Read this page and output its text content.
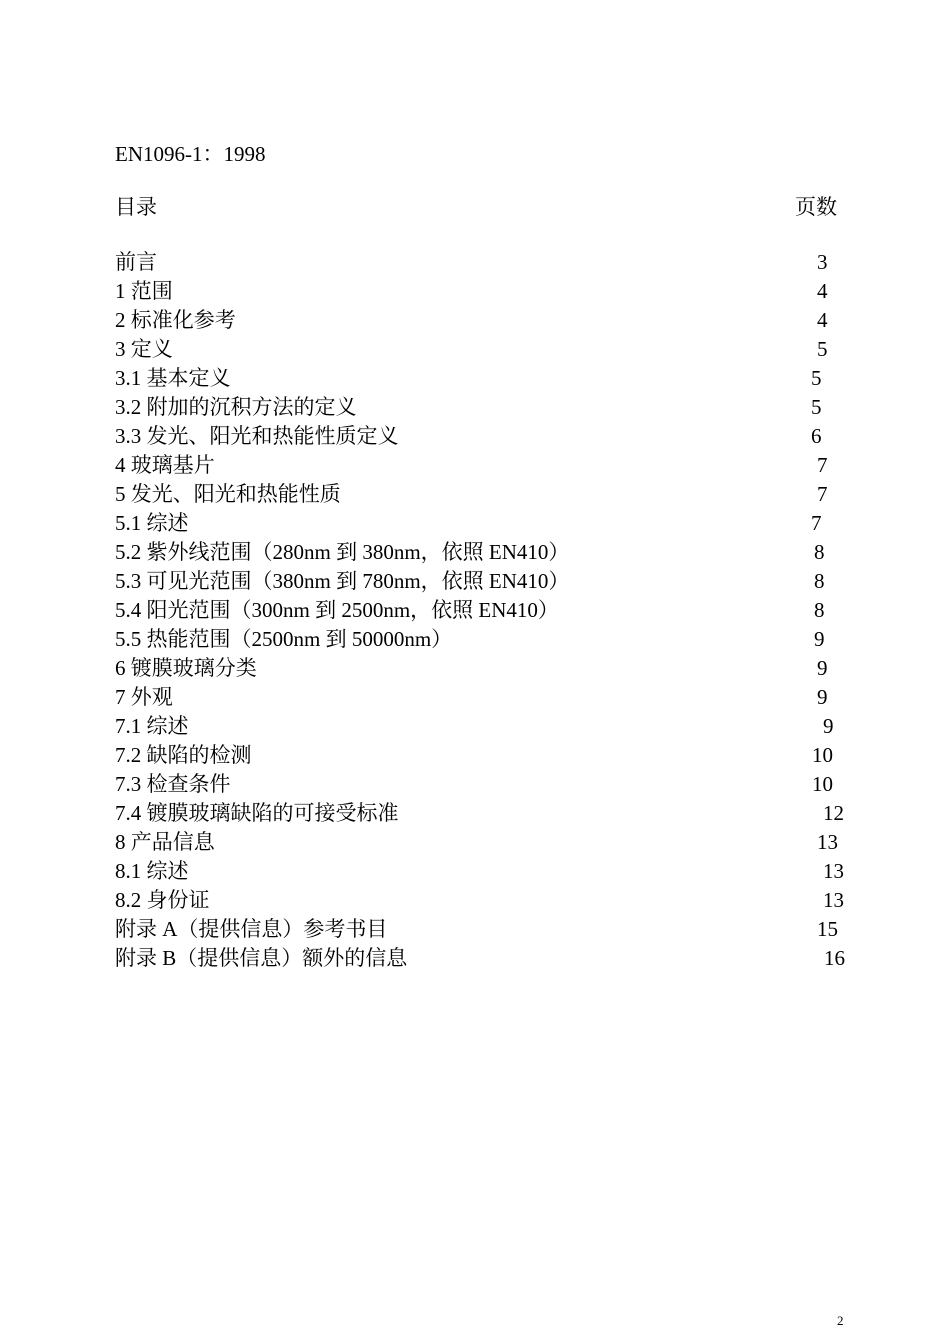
EN1096-1：1998
目录	页数
前言	3
1 范围	4
2 标准化参考	4
3 定义	5
3.1 基本定义	5
3.2 附加的沉积方法的定义	5
3.3 发光、阳光和热能性质定义	6
4 玻璃基片	7
5 发光、阳光和热能性质	7
5.1 综述	7
5.2 紫外线范围（280nm 到 380nm，依照 EN410）	8
5.3 可见光范围（380nm 到 780nm，依照 EN410）	8
5.4 阳光范围（300nm 到 2500nm，依照 EN410）	8
5.5 热能范围（2500nm 到 50000nm）	9
6 镀膜玻璃分类	9
7 外观	9
7.1 综述	9
7.2 缺陷的检测	10
7.3 检查条件	10
7.4 镀膜玻璃缺陷的可接受标准	12
8 产品信息	13
8.1 综述	13
8.2 身份证	13
附录 A（提供信息）参考书目	15
附录 B（提供信息）额外的信息	16
2
